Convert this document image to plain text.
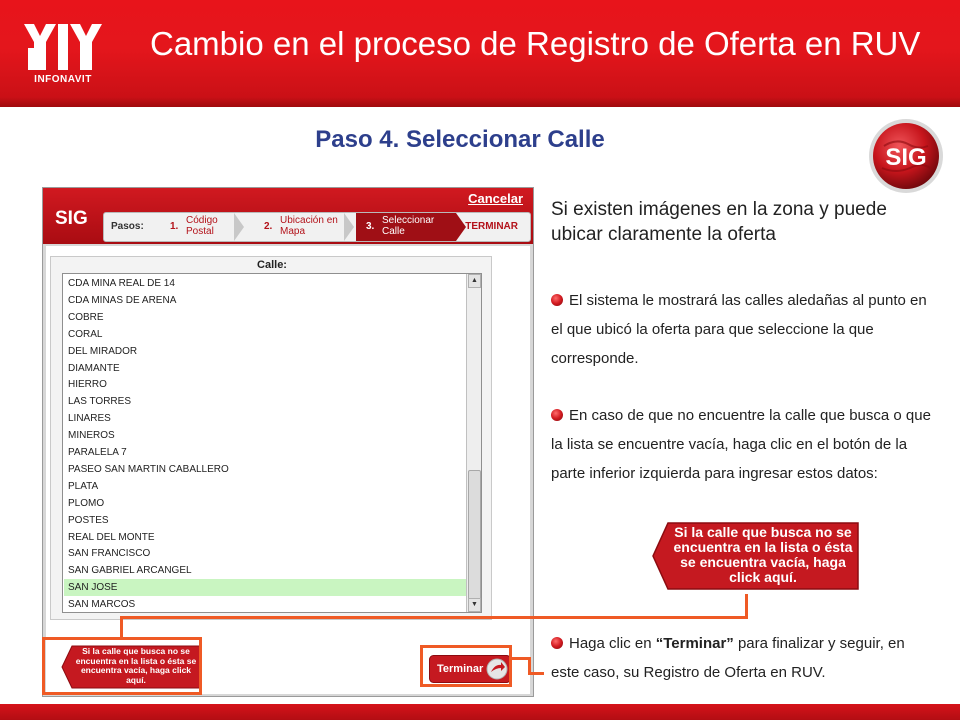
INFONAVIT
Cambio en el proceso de Registro de Oferta en RUV
Paso 4. Seleccionar Calle
SIG
Cancelar
SIG Pasos:	1.
Código Postal	2.
Ubicación en Mapa	3.
Seleccionar Calle	TERMINAR
Calle:
CDA MINA REAL DE 14
CDA MINAS DE ARENA
COBRE
CORAL
DEL MIRADOR
DIAMANTE
HIERRO
LAS TORRES
LINARES
MINEROS
PARALELA 7
PASEO SAN MARTIN CABALLERO
PLATA
PLOMO
POSTES
REAL DEL MONTE
SAN FRANCISCO
SAN GABRIEL ARCANGEL
SAN JOSE
SAN MARCOS
▲
▼
Si la calle que busca no se encuentra en la lista o ésta se encuentra vacía, haga click aquí.
Terminar
Si existen imágenes en la zona y puede ubicar claramente la oferta
El sistema le mostrará las calles aledañas al punto en el que ubicó la oferta para que seleccione la que corresponde.
En caso de que no encuentre la calle que busca o que la lista se encuentre vacía, haga clic en el botón de la parte inferior izquierda para ingresar estos datos:
Si la calle que busca no se encuentra en la lista o ésta se encuentra vacía, haga click aquí.
Haga clic en “Terminar” para finalizar y seguir, en este caso, su Registro de Oferta en RUV.
